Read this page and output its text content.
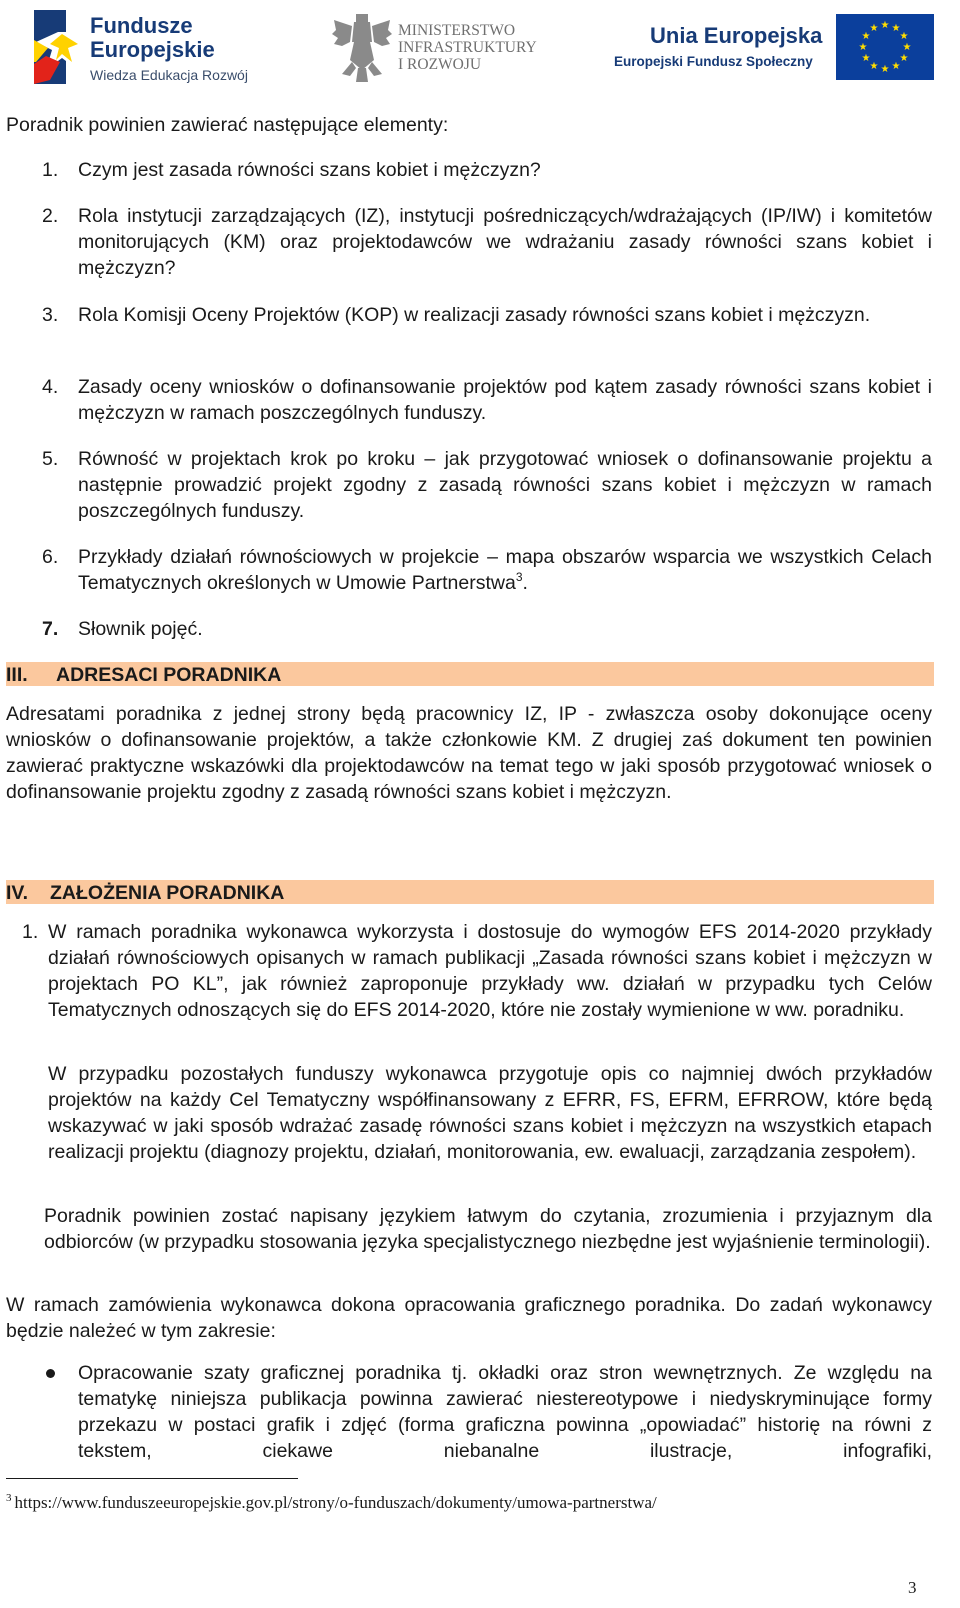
Fundusze
Europejskie
Wiedza Edukacja Rozwój
MINISTERSTWO
INFRASTRUKTURY
I ROZWOJU
Unia Europejska
Europejski Fundusz Społeczny
★ ★
★
★
★
★
★
★
★
★
★
★

Poradnik powinien zawierać następujące elementy:

1. Czym jest zasada równości szans kobiet i mężczyzn?
2. Rola instytucji zarządzających (IZ), instytucji pośredniczących/wdrażających (IP/IW) i komitetów monitorujących (KM) oraz projektodawców we wdrażaniu zasady równości szans kobiet i mężczyzn?
3. Rola Komisji Oceny Projektów (KOP) w realizacji zasady równości szans kobiet i mężczyzn.
4. Zasady oceny wniosków o dofinansowanie projektów pod kątem zasady równości szans kobiet i mężczyzn w ramach poszczególnych funduszy.
5. Równość w projektach krok po kroku – jak przygotować wniosek o dofinansowanie projektu a następnie prowadzić projekt zgodny z zasadą równości szans kobiet i mężczyzn w ramach poszczególnych funduszy.
6. Przykłady działań równościowych w projekcie – mapa obszarów wsparcia we wszystkich Celach Tematycznych określonych w Umowie Partnerstwa$^3$.
7. Słownik pojęć.
III. ADRESACI PORADNIKA

Adresatami poradnika z jednej strony będą pracownicy IZ, IP - zwłaszcza osoby dokonujące oceny wniosków o dofinansowanie projektów, a także członkowie KM. Z drugiej zaś dokument ten powinien zawierać praktyczne wskazówki dla projektodawców na temat tego w jaki sposób przygotować wniosek o dofinansowanie projektu zgodny z zasadą równości szans kobiet i mężczyzn.

IV. ZAŁOŻENIA PORADNIKA
1. W ramach poradnika wykonawca wykorzysta i dostosuje do wymogów EFS 2014-2020 przykłady działań równościowych opisanych w ramach publikacji „Zasada równości szans kobiet i mężczyzn w projektach PO KL”, jak również zaproponuje przykłady ww. działań w przypadku tych Celów Tematycznych odnoszących się do EFS 2014-2020, które nie zostały wymienione w ww. poradniku.

W przypadku pozostałych funduszy wykonawca przygotuje opis co najmniej dwóch przykładów projektów na każdy Cel Tematyczny współfinansowany z EFRR, FS, EFRM, EFRROW, które będą wskazywać w jaki sposób wdrażać zasadę równości szans kobiet i mężczyzn na wszystkich etapach realizacji projektu (diagnozy projektu, działań, monitorowania, ew. ewaluacji, zarządzania zespołem).

Poradnik powinien zostać napisany językiem łatwym do czytania, zrozumienia i przyjaznym dla odbiorców (w przypadku stosowania języka specjalistycznego niezbędne jest wyjaśnienie terminologii).

W ramach zamówienia wykonawca dokona opracowania graficznego poradnika. Do zadań wykonawcy będzie należeć w tym zakresie:

Opracowanie szaty graficznej poradnika tj. okładki oraz stron wewnętrznych. Ze względu na tematykę niniejsza publikacja powinna zawierać niestereotypowe i niedyskryminujące formy przekazu w postaci grafik i zdjęć (forma graficzna powinna „opowiadać” historię na równi z tekstem, ciekawe niebanalne ilustracje, infografiki,
$^3$ https://www.funduszeeuropejskie.gov.pl/strony/o-funduszach/dokumenty/umowa-partnerstwa/
3
